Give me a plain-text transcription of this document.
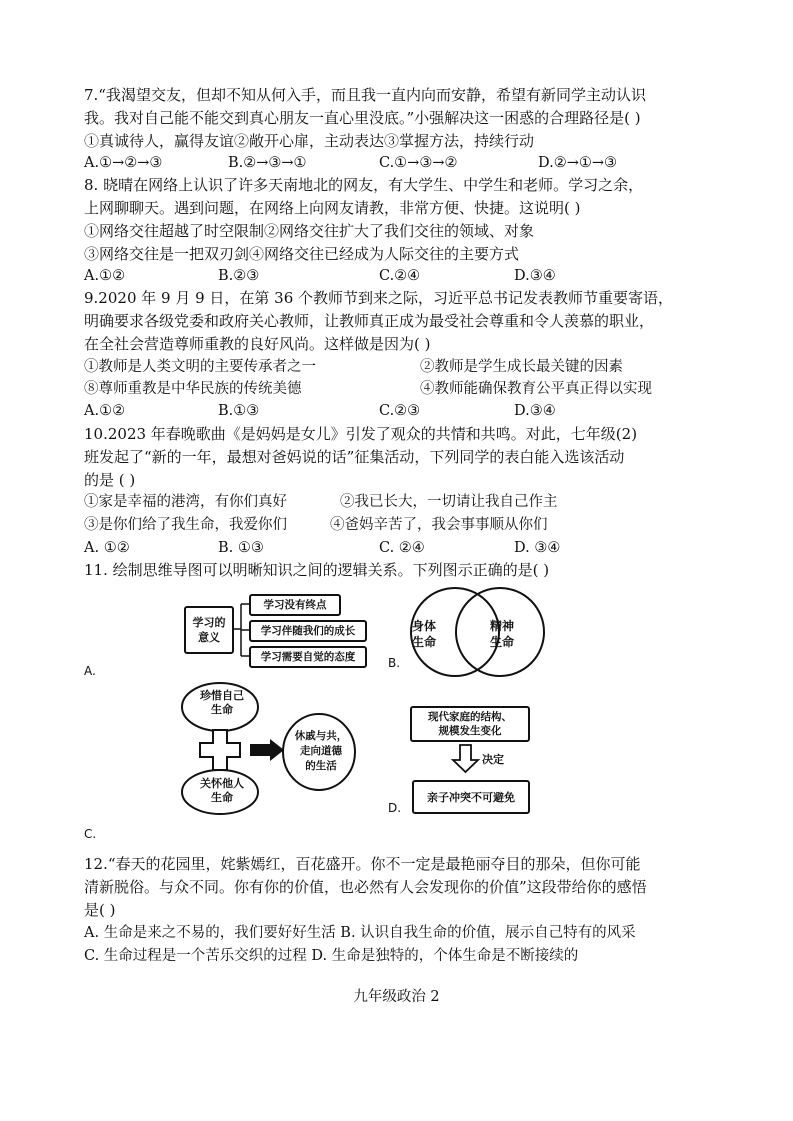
7.“我渴望交友，但却不知从何入手，而且我一直内向而安静，希望有新同学主动认识
我。我对自己能不能交到真心朋友一直心里没底。”小强解决这一困惑的合理路径是( )
①真诚待人，赢得友谊②敞开心扉，主动表达③掌握方法，持续行动
A.①→②→③	B.②→③→①	C.①→③→②	D.②→①→③
8. 晓晴在网络上认识了许多天南地北的网友，有大学生、中学生和老师。学习之余，
上网聊聊天。遇到问题，在网络上向网友请教，非常方便、快捷。这说明( )
①网络交往超越了时空限制②网络交往扩大了我们交往的领域、对象
③网络交往是一把双刃剑④网络交往已经成为人际交往的主要方式
A.①②	B.②③	C.②④	D.③④
9.2020 年 9 月 9 日，在第 36 个教师节到来之际，习近平总书记发表教师节重要寄语，
明确要求各级党委和政府关心教师，让教师真正成为最受社会尊重和令人羡慕的职业，
在全社会营造尊师重教的良好风尚。这样做是因为( )
①教师是人类文明的主要传承者之一	②教师是学生成长最关键的因素
⑧尊师重教是中华民族的传统美德	④教师能确保教育公平真正得以实现
A.①②	B.①③	C.②③	D.③④
10.2023 年春晚歌曲《是妈妈是女儿》引发了观众的共情和共鸣。对此，七年级(2)
班发起了“新的一年，最想对爸妈说的话”征集活动，下列同学的表白能入选该活动
的是 ( )
①家是幸福的港湾，有你们真好	②我已长大，一切请让我自己作主
③是你们给了我生命，我爱你们	④爸妈辛苦了，我会事事顺从你们
A. ①②	B. ①③	C. ②④	D. ③④
11. 绘制思维导图可以明晰知识之间的逻辑关系。下列图示正确的是( )
学习的
意义
学习没有终点
学习伴随我们的成长
学习需要自觉的态度
A.
身体
生命
精神
生命
B.
珍惜自己
生命
关怀他人
生命
休戚与共，
走向道德
的生活
C.
现代家庭的结构、
规模发生变化
决定
亲子冲突不可避免
D.
12.“春天的花园里，姹紫嫣红，百花盛开。你不一定是最艳丽夺目的那朵，但你可能
清新脱俗。与众不同。你有你的价值，也必然有人会发现你的价值”这段带给你的感悟
是( )
A. 生命是来之不易的，我们要好好生活 B. 认识自我生命的价值，展示自己特有的风采
C. 生命过程是一个苦乐交织的过程 D. 生命是独特的，个体生命是不断接续的
九年级政治 2
